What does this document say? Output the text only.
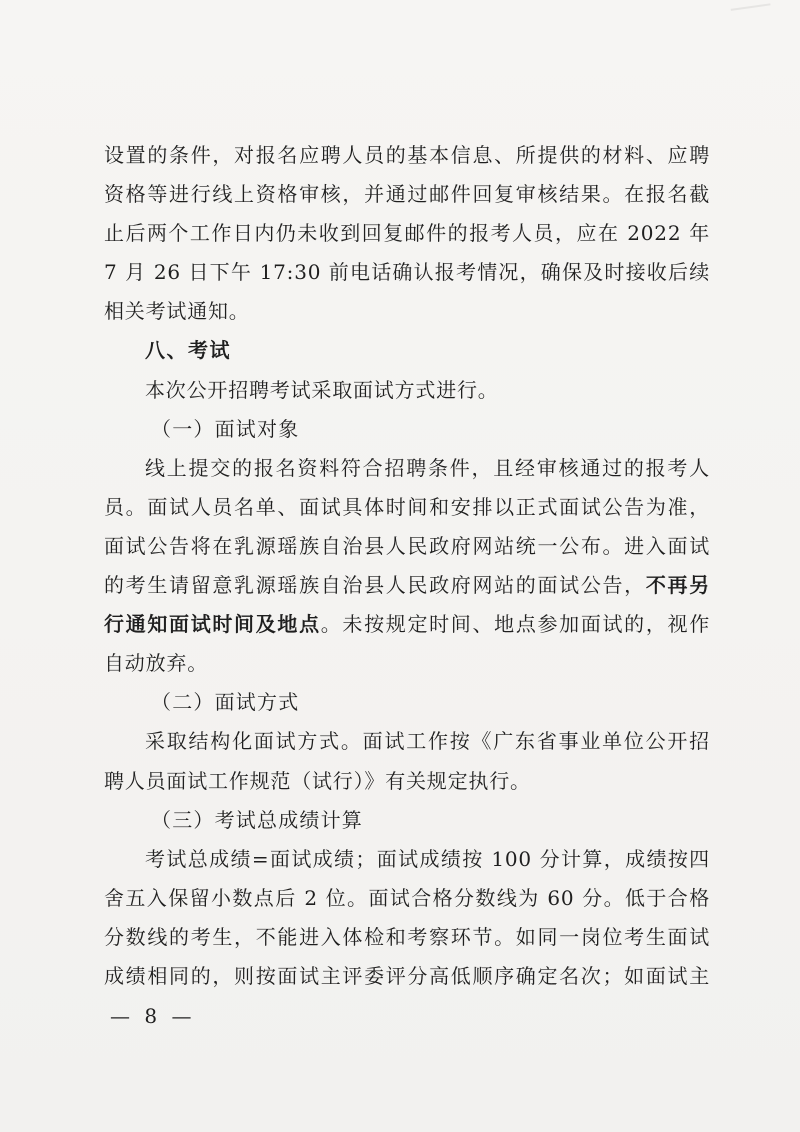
设置的条件，对报名应聘人员的基本信息、所提供的材料、应聘
资格等进行线上资格审核，并通过邮件回复审核结果。在报名截
止后两个工作日内仍未收到回复邮件的报考人员，应在 2022 年
7 月 26 日下午 17:30 前电话确认报考情况，确保及时接收后续
相关考试通知。
八、考试
本次公开招聘考试采取面试方式进行。
（一）面试对象
线上提交的报名资料符合招聘条件，且经审核通过的报考人
员。面试人员名单、面试具体时间和安排以正式面试公告为准，
面试公告将在乳源瑶族自治县人民政府网站统一公布。进入面试
的考生请留意乳源瑶族自治县人民政府网站的面试公告，不再另
行通知面试时间及地点。未按规定时间、地点参加面试的，视作
自动放弃。
（二）面试方式
采取结构化面试方式。面试工作按《广东省事业单位公开招
聘人员面试工作规范（试行）》有关规定执行。
（三）考试总成绩计算
考试总成绩=面试成绩；面试成绩按 100 分计算，成绩按四
舍五入保留小数点后 2 位。面试合格分数线为 60 分。低于合格
分数线的考生，不能进入体检和考察环节。如同一岗位考生面试
成绩相同的，则按面试主评委评分高低顺序确定名次；如面试主
— 8 —
